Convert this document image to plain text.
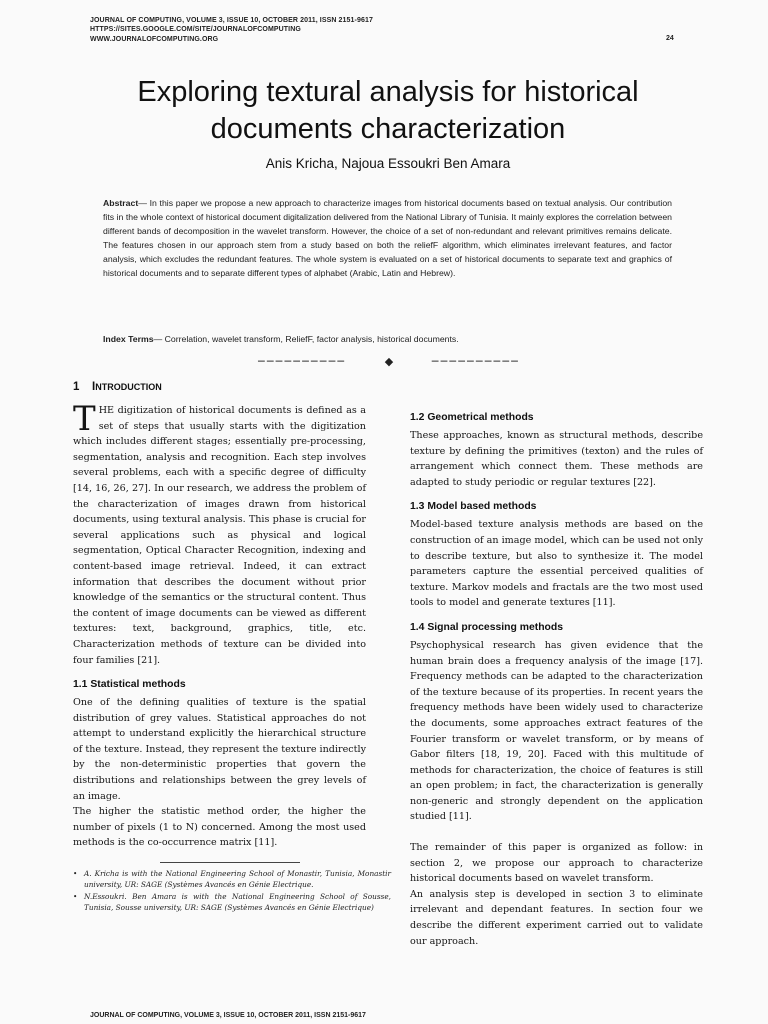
JOURNAL OF COMPUTING, VOLUME 3, ISSUE 10, OCTOBER 2011, ISSN 2151-9617
HTTPS://SITES.GOOGLE.COM/SITE/JOURNALOFCOMPUTING
WWW.JOURNALOFCOMPUTING.ORG	24
Exploring textural analysis for historical
documents characterization
Anis Kricha, Najoua Essoukri Ben Amara
Abstract— In this paper we propose a new approach to characterize images from historical documents based on textual analysis. Our contribution fits in the whole context of historical document digitalization delivered from the National Library of Tunisia. It mainly explores the correlation between different bands of decomposition in the wavelet transform. However, the choice of a set of non-redundant and relevant primitives remains delicate. The features chosen in our approach stem from a study based on both the reliefF algorithm, which eliminates irrelevant features, and factor analysis, which excludes the redundant features. The whole system is evaluated on a set of historical documents to separate text and graphics of historical documents and to separate different types of alphabet (Arabic, Latin and Hebrew).
Index Terms— Correlation, wavelet transform, ReliefF, factor analysis, historical documents.
──────────	◆	──────────
1 INTRODUCTION

THE digitization of historical documents is defined as a set of steps that usually starts with the digitization which includes different stages; essentially pre-processing, segmentation, analysis and recognition. Each step involves several problems, each with a specific degree of difficulty [14, 16, 26, 27]. In our research, we address the problem of the characterization of images drawn from historical documents, using textural analysis. This phase is crucial for several applications such as physical and logical segmentation, Optical Character Recognition, indexing and content-based image retrieval. Indeed, it can extract information that describes the document without prior knowledge of the semantics or the structural content. Thus the content of image documents can be viewed as different textures: text, background, graphics, title, etc. Characterization methods of texture can be divided into four families [21].

1.1 Statistical methods

One of the defining qualities of texture is the spatial distribution of grey values. Statistical approaches do not attempt to understand explicitly the hierarchical structure of the texture. Instead, they represent the texture indirectly by the non-deterministic properties that govern the distributions and relationships between the grey levels of an image.

The higher the statistic method order, the higher the number of pixels (1 to N) concerned. Among the most used methods is the co-occurrence matrix [11].

1.2 Geometrical methods

These approaches, known as structural methods, describe texture by defining the primitives (texton) and the rules of arrangement which connect them. These methods are adapted to study periodic or regular textures [22].

1.3 Model based methods

Model-based texture analysis methods are based on the construction of an image model, which can be used not only to describe texture, but also to synthesize it. The model parameters capture the essential perceived qualities of texture. Markov models and fractals are the two most used tools to model and generate textures [11].

1.4 Signal processing methods

Psychophysical research has given evidence that the human brain does a frequency analysis of the image [17]. Frequency methods can be adapted to the characterization of the texture because of its properties. In recent years the frequency methods have been widely used to characterize the documents, some approaches extract features of the Fourier transform or wavelet transform, or by means of Gabor filters [18, 19, 20]. Faced with this multitude of methods for characterization, the choice of features is still an open problem; in fact, the characterization is generally non-generic and strongly dependent on the application studied [11].

The remainder of this paper is organized as follow: in section 2, we propose our approach to characterize historical documents based on wavelet transform.

An analysis step is developed in section 3 to eliminate irrelevant and dependant features. In section four we describe the different experiment carried out to validate our approach.

• A. Kricha is with the National Engineering School of Monastir, Tunisia, Monastir university, UR: SAGE (Systèmes Avancés en Génie Electrique.
• N.Essoukri. Ben Amara is with the National Engineering School of Sousse, Tunisia, Sousse university, UR: SAGE (Systèmes Avancés en Génie Electrique)
JOURNAL OF COMPUTING, VOLUME 3, ISSUE 10, OCTOBER 2011, ISSN 2151-9617
